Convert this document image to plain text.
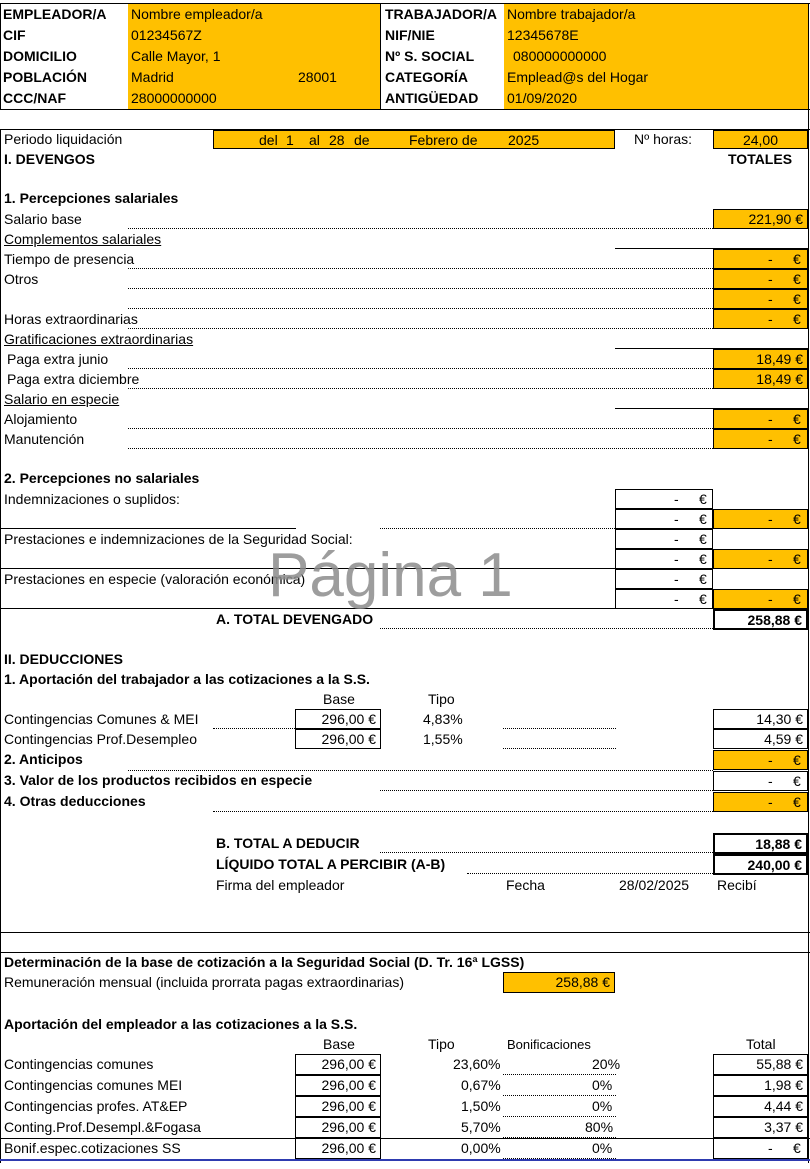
EMPLEADOR/A	Nombre empleador/a	TRABAJADOR/A Nombre trabajador/a
CIF	01234567Z	NIF/NIE	12345678E
DOMICILIO	Calle Mayor, 1	Nº S. SOCIAL	080000000000
POBLACIÓN	Madrid	28001	CATEGORÍA	Emplead@s del Hogar
CCC/NAF	28000000000	ANTIGÜEDAD	01/09/2020
Periodo liquidación	del 1 al 28 de	Febrero de 2025	Nº horas:	24,00
I. DEVENGOS	TOTALES
1. Percepciones salariales
Salario base	221,90 €
Complementos salariales
Tiempo de presencia	- €
Otros	- €
- €
Horas extraordinarias	- €
Gratificaciones extraordinarias
Paga extra junio	18,49 €
Paga extra diciembre	18,49 €
Salario en especie
Alojamiento	- €
Manutención	- €
2. Percepciones no salariales
Indemnizaciones o suplidos:	- €
- €	- €
Prestaciones e indemnizaciones de la Seguridad Social:	- €
- €	- €
Prestaciones en especie (valoración económica)	- €
- €	- €
A. TOTAL DEVENGADO	258,88 €
Página 1
II. DEDUCCIONES
1. Aportación del trabajador a las cotizaciones a la S.S.
Base	Tipo
Contingencias Comunes & MEI	296,00 €	4,83%	14,30 €
Contingencias Prof.Desempleo	296,00 €	1,55%	4,59 €
2. Anticipos	- €
3. Valor de los productos recibidos en especie	- €
4. Otras deducciones	- €
B. TOTAL A DEDUCIR	18,88 €
LÍQUIDO TOTAL A PERCIBIR (A-B)	240,00 €
Firma del empleador	Fecha	28/02/2025 Recibí
Determinación de la base de cotización a la Seguridad Social (D. Tr. 16ª LGSS)
Remuneración mensual (incluida prorrata pagas extraordinarias)	258,88 €
Aportación del empleador a las cotizaciones a la S.S.
Base	Tipo	Bonificaciones	Total
Contingencias comunes	296,00 €	23,60%	20%	55,88 €
Contingencias comunes MEI	296,00 €	0,67%	0%	1,98 €
Contingencias profes. AT&EP	296,00 €	1,50%	0%	4,44 €
Conting.Prof.Desempl.&Fogasa	296,00 €	5,70%	80%	3,37 €
Bonif.espec.cotizaciones SS	296,00 €	0,00%	0%	- €
